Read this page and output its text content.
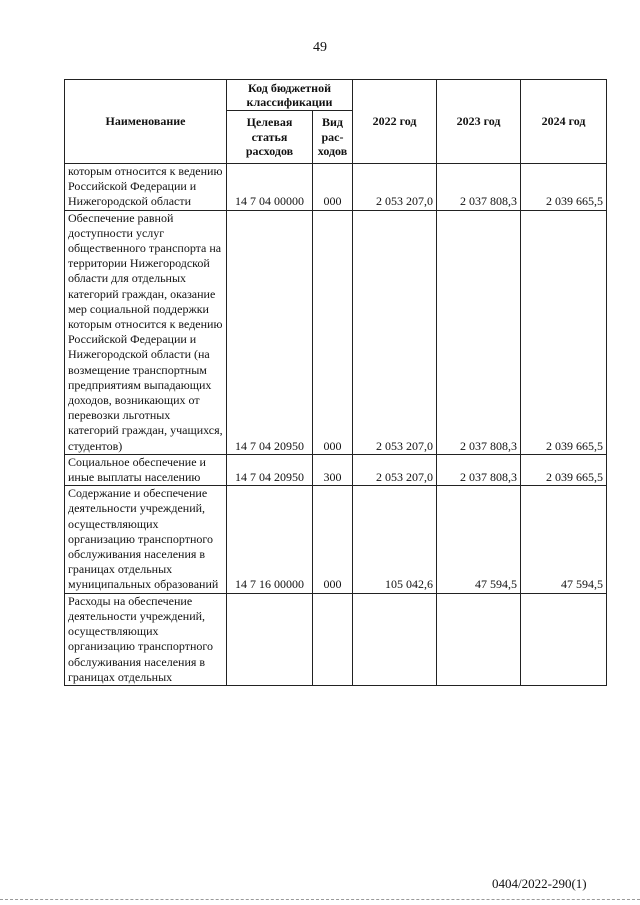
49
Наименование	Код бюджетной классификации		2022 год	2023 год	2024 год
	Целевая статья расходов	Вид рас-ходов			
которым относится к ведению Российской Федерации и Нижегородской области	14 7 04 00000	000	2 053 207,0	2 037 808,3	2 039 665,5
Обеспечение равной доступности услуг общественного транспорта на территории Нижегородской области для отдельных категорий граждан, оказание мер социальной поддержки которым относится к ведению Российской Федерации и Нижегородской области (на возмещение транспортным предприятиям выпадающих доходов, возникающих от перевозки льготных категорий граждан, учащихся, студентов)	14 7 04 20950	000	2 053 207,0	2 037 808,3	2 039 665,5
Социальное обеспечение и иные выплаты населению	14 7 04 20950	300	2 053 207,0	2 037 808,3	2 039 665,5
Содержание и обеспечение деятельности учреждений, осуществляющих организацию транспортного обслуживания населения в границах отдельных муниципальных образований	14 7 16 00000	000	105 042,6	47 594,5	47 594,5
Расходы на обеспечение деятельности учреждений, осуществляющих организацию транспортного обслуживания населения в границах отдельных					
0404/2022-290(1)
